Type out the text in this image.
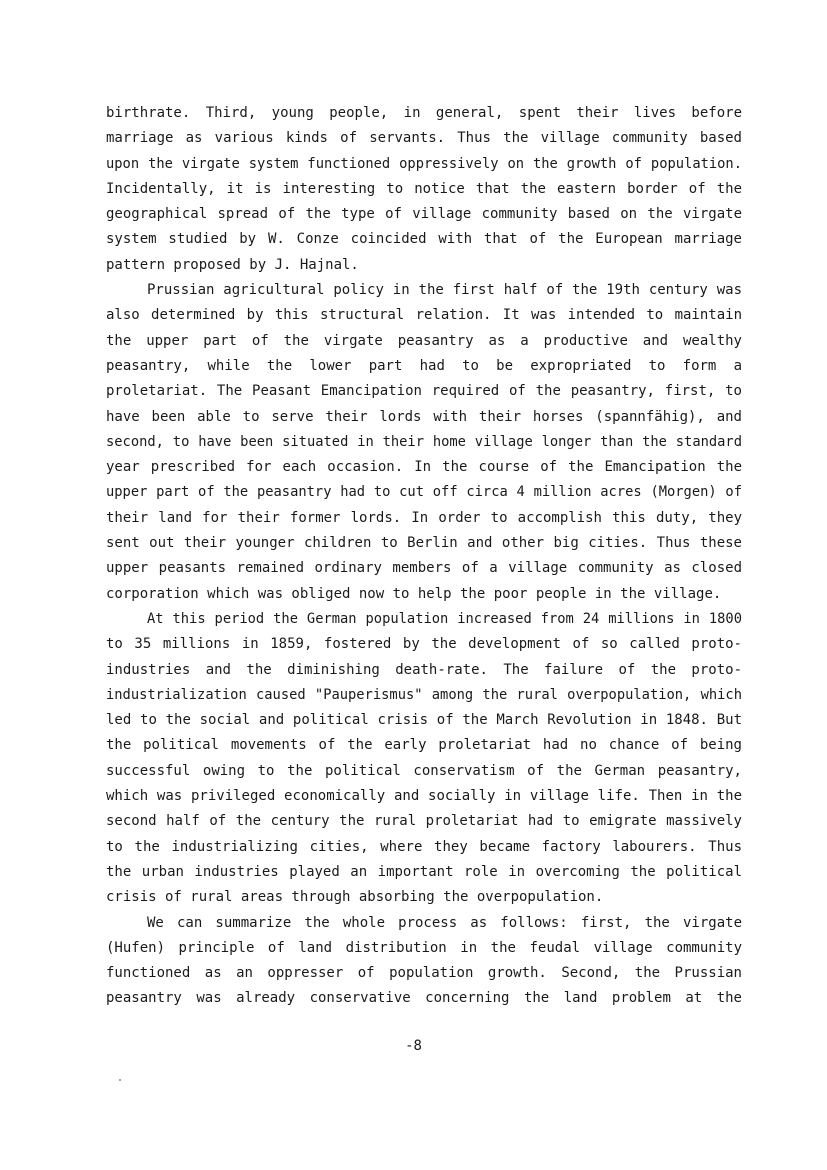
birthrate. Third, young people, in general, spent their lives before
marriage as various kinds of servants. Thus the village community based
upon the virgate system functioned oppressively on the growth of population.
Incidentally, it is interesting to notice that the eastern border of the
geographical spread of the type of village community based on the virgate
system studied by W. Conze coincided with that of the European marriage
pattern proposed by J. Hajnal.
Prussian agricultural policy in the first half of the 19th century was
also determined by this structural relation. It was intended to maintain
the upper part of the virgate peasantry as a productive and wealthy
peasantry, while the lower part had to be expropriated to form a
proletariat. The Peasant Emancipation required of the peasantry, first, to
have been able to serve their lords with their horses (spannfähig), and
second, to have been situated in their home village longer than the standard
year prescribed for each occasion. In the course of the Emancipation the
upper part of the peasantry had to cut off circa 4 million acres (Morgen) of
their land for their former lords. In order to accomplish this duty, they
sent out their younger children to Berlin and other big cities. Thus these
upper peasants remained ordinary members of a village community as closed
corporation which was obliged now to help the poor people in the village.
At this period the German population increased from 24 millions in 1800
to 35 millions in 1859, fostered by the development of so called proto-
industries and the diminishing death-rate. The failure of the proto-
industrialization caused "Pauperismus" among the rural overpopulation, which
led to the social and political crisis of the March Revolution in 1848. But
the political movements of the early proletariat had no chance of being
successful owing to the political conservatism of the German peasantry,
which was privileged economically and socially in village life. Then in the
second half of the century the rural proletariat had to emigrate massively
to the industrializing cities, where they became factory labourers. Thus
the urban industries played an important role in overcoming the political
crisis of rural areas through absorbing the overpopulation.
We can summarize the whole process as follows: first, the virgate
(Hufen) principle of land distribution in the feudal village community
functioned as an oppresser of population growth. Second, the Prussian
peasantry was already conservative concerning the land problem at the
-8
